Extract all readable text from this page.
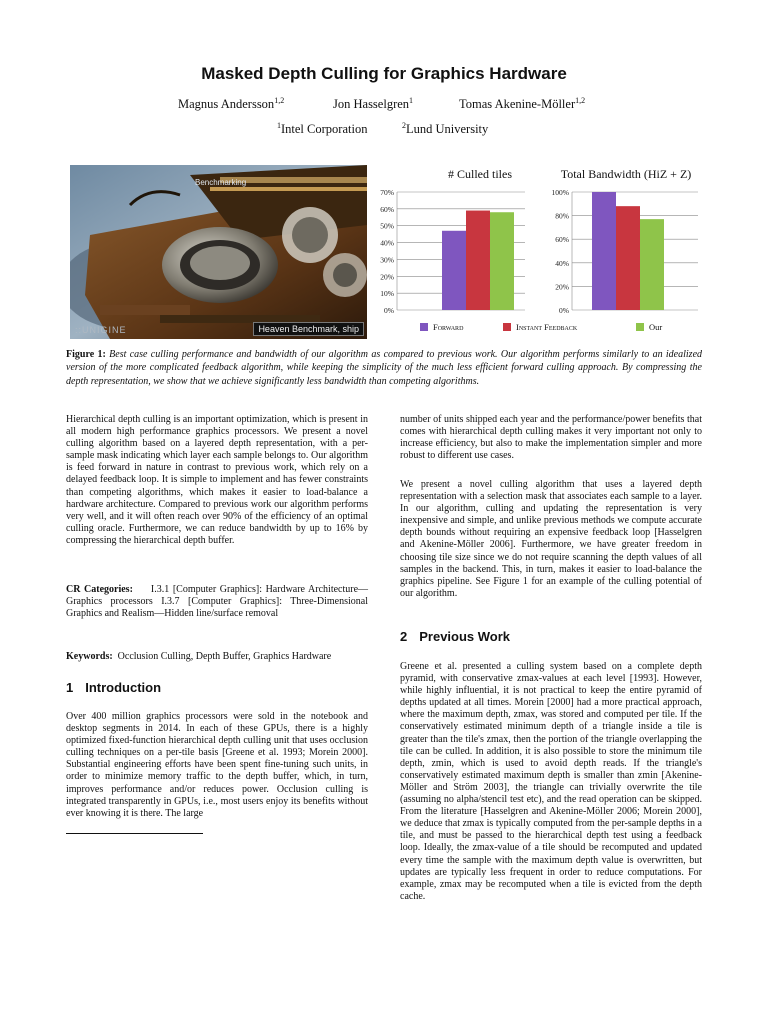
Masked Depth Culling for Graphics Hardware
Magnus Andersson$^{1,2}$	Jon Hasselgren$^1$	Tomas Akenine-Möller$^{1,2}$
$^1$Intel Corporation	$^2$Lund University
Benchmarking
::UNIGINE	Heaven Benchmark, ship
# Culled tiles
0%
10%
20%
30%
40%
50%
60%
70%
Total Bandwidth (HiZ + Z)
0%
20%
40%
60%
80%
100%
Forward	Instant Feedback	Our
Figure 1: Best case culling performance and bandwidth of our algorithm as compared to previous work. Our algorithm performs similarly to an idealized version of the more complicated feedback algorithm, while keeping the simplicity of the much less efficient forward culling approach. By compressing the depth representation, we show that we achieve significantly less bandwidth than competing algorithms.

Hierarchical depth culling is an important optimization, which is present in all modern high performance graphics processors. We present a novel culling algorithm based on a layered depth representation, with a per-sample mask indicating which layer each sample belongs to. Our algorithm is feed forward in nature in contrast to previous work, which rely on a delayed feedback loop. It is simple to implement and has fewer constraints than competing algorithms, which makes it easier to load-balance a hardware architecture. Compared to previous work our algorithm performs very well, and it will often reach over 90% of the efficiency of an optimal culling oracle. Furthermore, we can reduce bandwidth by up to 16% by compressing the hierarchical depth buffer.

CR Categories: I.3.1 [Computer Graphics]: Hardware Architecture—Graphics processors I.3.7 [Computer Graphics]: Three-Dimensional Graphics and Realism—Hidden line/surface removal

Keywords: Occlusion Culling, Depth Buffer, Graphics Hardware

1 Introduction

Over 400 million graphics processors were sold in the notebook and desktop segments in 2014. In each of these GPUs, there is a highly optimized fixed-function hierarchical depth culling unit that uses occlusion culling techniques on a per-tile basis [Greene et al. 1993; Morein 2000]. Substantial engineering efforts have been spent fine-tuning such units, in order to minimize memory traffic to the depth buffer, which, in turn, improves performance and/or reduces power. Occlusion culling is integrated transparently in GPUs, i.e., most users enjoy its benefits without ever knowing it is there. The large

number of units shipped each year and the performance/power benefits that comes with hierarchical depth culling makes it very important not only to increase efficiency, but also to make the implementation simpler and more robust to different use cases.

We present a novel culling algorithm that uses a layered depth representation with a selection mask that associates each sample to a layer. In our algorithm, culling and updating the representation is very inexpensive and simple, and unlike previous methods we compute accurate depth bounds without requiring an expensive feedback loop [Hasselgren and Akenine-Möller 2006]. Furthermore, we have greater freedom in choosing tile size since we do not require scanning the depth values of all samples in the backend. This, in turn, makes it easier to load-balance the graphics pipeline. See Figure 1 for an example of the culling potential of our algorithm.

2 Previous Work

Greene et al. presented a culling system based on a complete depth pyramid, with conservative zmax-values at each level [1993]. However, while highly influential, it is not practical to keep the entire pyramid of depths updated at all times. Morein [2000] had a more practical approach, where the maximum depth, zmax, was stored and computed per tile. If the conservatively estimated minimum depth of a triangle inside a tile is greater than the tile's zmax, then the portion of the triangle overlapping the tile can be culled. In addition, it is also possible to store the minimum tile depth, zmin, which is used to avoid depth reads. If the triangle's conservatively estimated maximum depth is smaller than zmin [Akenine-Möller and Ström 2003], the triangle can trivially overwrite the tile (assuming no alpha/stencil test etc), and the read operation can be skipped. From the literature [Hasselgren and Akenine-Möller 2006; Morein 2000], we deduce that zmax is typically computed from the per-sample depths in a tile, and must be passed to the hierarchical depth test using a feedback loop. Ideally, the zmax-value of a tile should be recomputed and updated every time the sample with the maximum depth value is overwritten, but updates are typically less frequent in order to reduce computations. For example, zmax may be recomputed when a tile is evicted from the depth cache.
